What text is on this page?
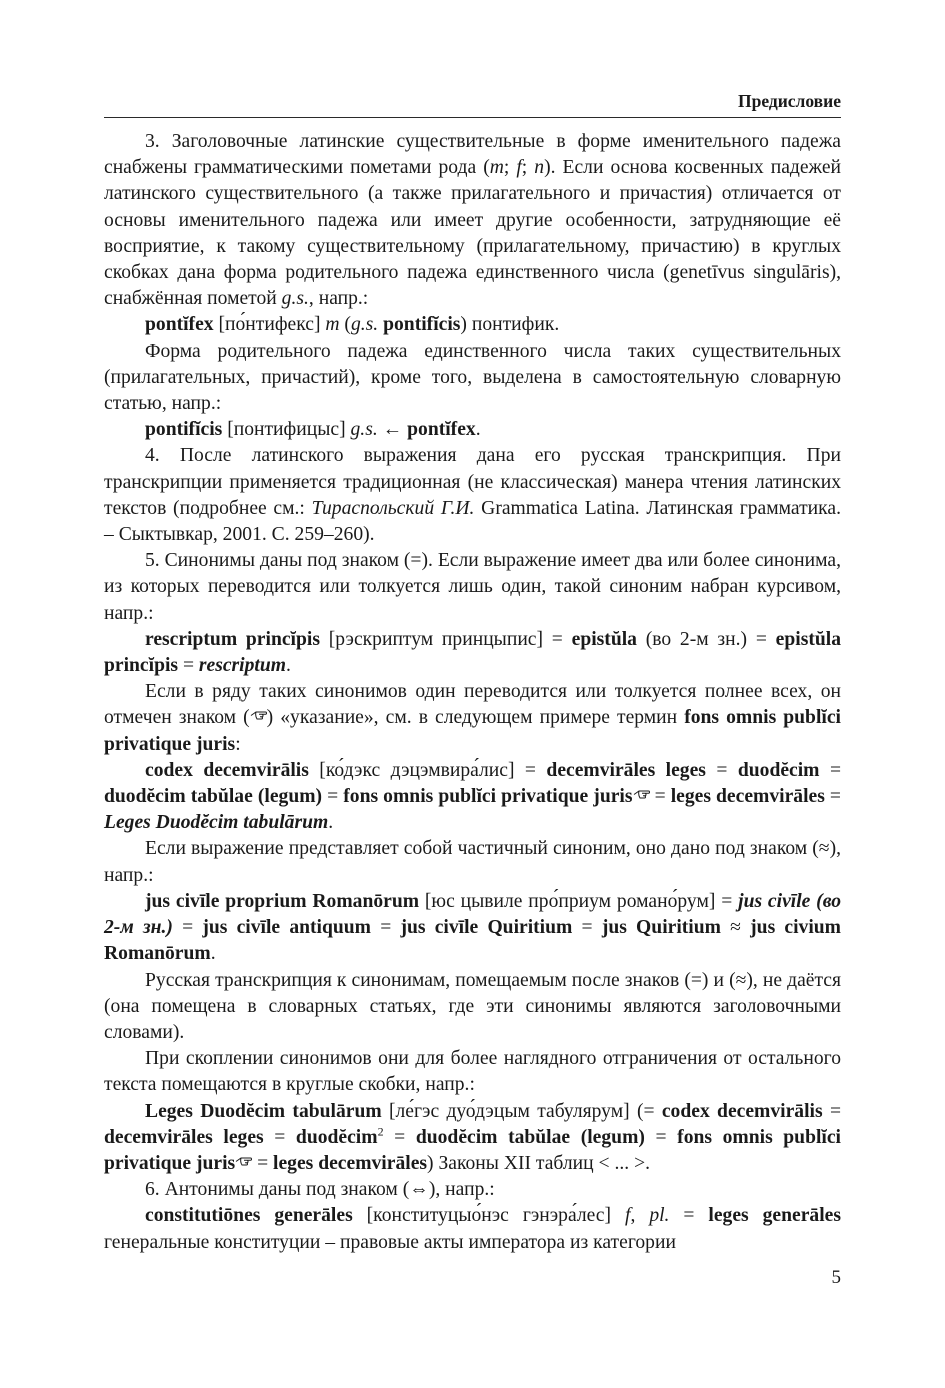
Предисловие

3. Заголовочные латинские существительные в форме именительного падежа снабжены грамматическими пометами рода (m; f; n). Если основа косвенных падежей латинского существительного (а также прилагательного и причастия) отличается от основы именительного падежа или имеет другие особенности, затрудняющие её восприятие, к такому существительному (прилагательному, причастию) в круглых скобках дана форма родительного падежа единственного числа (genetīvus singulāris), снабжённая пометой g.s., напр.:

pontĭfex [по́нтифекс] m (g.s. pontifĭcis) понтифик.

Форма родительного падежа единственного числа таких существительных (прилагательных, причастий), кроме того, выделена в самостоятельную словарную статью, напр.:

pontifĭcis [понтифицыс] g.s. ← pontĭfex.

4. После латинского выражения дана его русская транскрипция. При транскрипции применяется традиционная (не классическая) манера чтения латинских текстов (подробнее см.: Тираспольский Г.И. Grammatica Latina. Латинская грамматика. – Сыктывкар, 2001. С. 259–260).

5. Синонимы даны под знаком (=). Если выражение имеет два или более синонима, из которых переводится или толкуется лишь один, такой синоним набран курсивом, напр.:

rescriptum princĭpis [рэскриптум принцыпис] = epistŭla (во 2-м зн.) = epistŭla princĭpis = rescriptum.

Если в ряду таких синонимов один переводится или толкуется полнее всех, он отмечен знаком ( ) «указание», см. в следующем примере термин fons omnis publĭci privatique juris:

codex decemvirālis [ко́дэкс дэцэмвира́лис] = decemvirāles leges = duodĕcim = duodĕcim tabŭlae (legum) = fons omnis publĭci privatique juris
= leges decemvirāles = Leges Duodĕcim tabulārum.

Если выражение представляет собой частичный синоним, оно дано под знаком (≈), напр.:

jus civīle proprium Romanōrum [юс цывиле про́приум романо́рум] = jus civīle (во 2-м зн.) = jus civīle antiquum = jus civīle Quiritium = jus Quiritium ≈ jus civium Romanōrum.

Русская транскрипция к синонимам, помещаемым после знаков (=) и (≈), не даётся (она помещена в словарных статьях, где эти синонимы являются заголовочными словами).

При скоплении синонимов они для более наглядного отграничения от остального текста помещаются в круглые скобки, напр.:

Leges Duodĕcim tabulārum [ле́гэс дуо́дэцым табулярум] (= codex decemvirālis = decemvirāles leges = duodĕcim$^2$ = duodĕcim tabŭlae (legum) = fons omnis publĭci privatique juris
= leges decemvirāles) Законы XII таблиц < ... >.

6. Антонимы даны под знаком (⇔), напр.:

constitutiōnes generāles [конституцыо́нэс гэнэра́лес] f, pl. = leges generāles генеральные конституции – правовые акты императора из категории

5
